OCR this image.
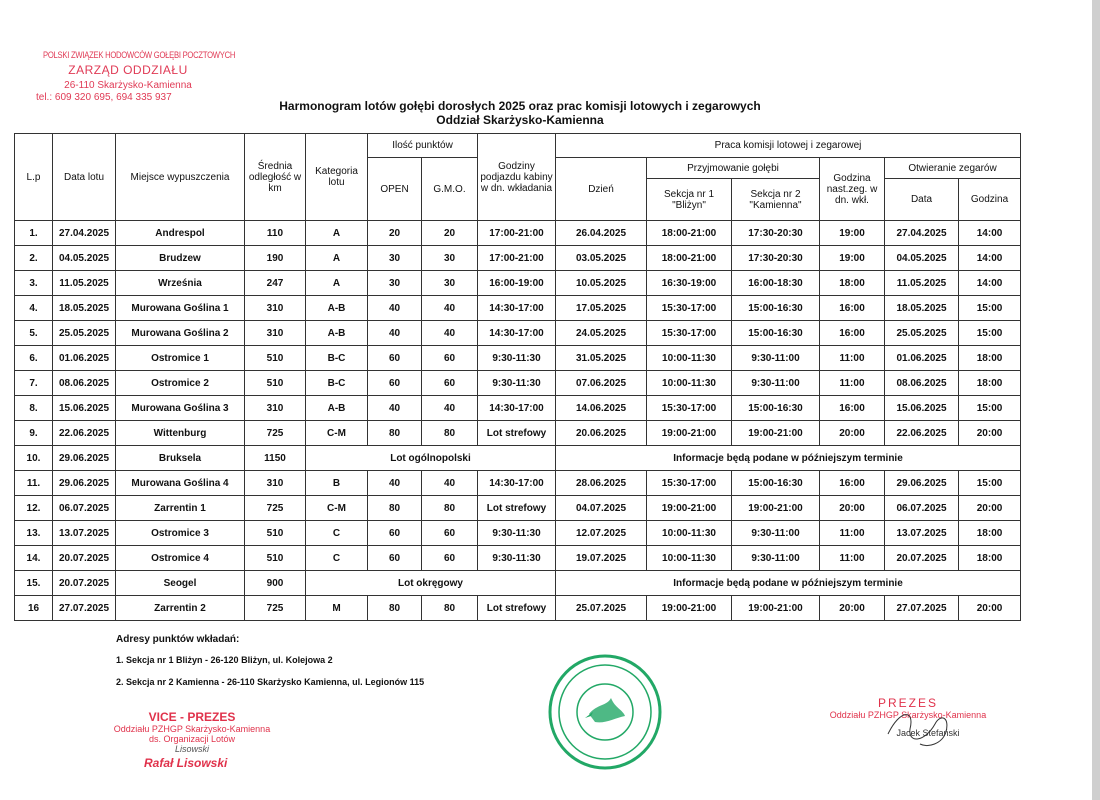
POLSKI ZWIĄZEK HODOWCÓW GOŁĘBI POCZTOWYCH
ZARZĄD ODDZIAŁU
26-110 Skarżysko-Kamienna
tel.: 609 320 695, 694 335 937
Harmonogram lotów gołębi dorosłych 2025 oraz prac komisji lotowych i zegarowych
Oddział Skarżysko-Kamienna
L.p	Data lotu	Miejsce wypuszczenia	Średnia odległość w km	Kategoria lotu	Ilość punktów		Godziny podjazdu kabiny w dn. wkładania	Praca komisji lotowej i zegarowej					
					OPEN	G.M.O.		Dzień	Przyjmowanie gołębi		Godzina nast.zeg. w dn. wkł.	Otwieranie zegarów	
									Sekcja nr 1 "Bliżyn"	Sekcja nr 2 "Kamienna"		Data	Godzina
1.	27.04.2025	Andrespol	110	A	20	20	17:00-21:00	26.04.2025	18:00-21:00	17:30-20:30	19:00	27.04.2025	14:00
2.	04.05.2025	Brudzew	190	A	30	30	17:00-21:00	03.05.2025	18:00-21:00	17:30-20:30	19:00	04.05.2025	14:00
3.	11.05.2025	Września	247	A	30	30	16:00-19:00	10.05.2025	16:30-19:00	16:00-18:30	18:00	11.05.2025	14:00
4.	18.05.2025	Murowana Goślina 1	310	A-B	40	40	14:30-17:00	17.05.2025	15:30-17:00	15:00-16:30	16:00	18.05.2025	15:00
5.	25.05.2025	Murowana Goślina 2	310	A-B	40	40	14:30-17:00	24.05.2025	15:30-17:00	15:00-16:30	16:00	25.05.2025	15:00
6.	01.06.2025	Ostromice 1	510	B-C	60	60	9:30-11:30	31.05.2025	10:00-11:30	9:30-11:00	11:00	01.06.2025	18:00
7.	08.06.2025	Ostromice 2	510	B-C	60	60	9:30-11:30	07.06.2025	10:00-11:30	9:30-11:00	11:00	08.06.2025	18:00
8.	15.06.2025	Murowana Goślina 3	310	A-B	40	40	14:30-17:00	14.06.2025	15:30-17:00	15:00-16:30	16:00	15.06.2025	15:00
9.	22.06.2025	Wittenburg	725	C-M	80	80	Lot strefowy	20.06.2025	19:00-21:00	19:00-21:00	20:00	22.06.2025	20:00
10.	29.06.2025	Bruksela	1150	Lot ogólnopolski				Informacje będą podane w późniejszym terminie					
11.	29.06.2025	Murowana Goślina 4	310	B	40	40	14:30-17:00	28.06.2025	15:30-17:00	15:00-16:30	16:00	29.06.2025	15:00
12.	06.07.2025	Zarrentin 1	725	C-M	80	80	Lot strefowy	04.07.2025	19:00-21:00	19:00-21:00	20:00	06.07.2025	20:00
13.	13.07.2025	Ostromice 3	510	C	60	60	9:30-11:30	12.07.2025	10:00-11:30	9:30-11:00	11:00	13.07.2025	18:00
14.	20.07.2025	Ostromice 4	510	C	60	60	9:30-11:30	19.07.2025	10:00-11:30	9:30-11:00	11:00	20.07.2025	18:00
15.	20.07.2025	Seogel	900	Lot okręgowy				Informacje będą podane w późniejszym terminie					
16	27.07.2025	Zarrentin 2	725	M	80	80	Lot strefowy	25.07.2025	19:00-21:00	19:00-21:00	20:00	27.07.2025	20:00
Adresy punktów wkładań:
1. Sekcja nr 1 Bliżyn - 26-120 Bliżyn, ul. Kolejowa 2
2. Sekcja nr 2 Kamienna - 26-110 Skarżysko Kamienna, ul. Legionów 115
VICE - PREZES
Oddziału PZHGP Skarżysko-Kamienna
ds. Organizacji Lotów
Lisowski
Rafał Lisowski
PREZES
Oddziału PZHGP Skarżysko-Kamienna
Jacek Stefański
